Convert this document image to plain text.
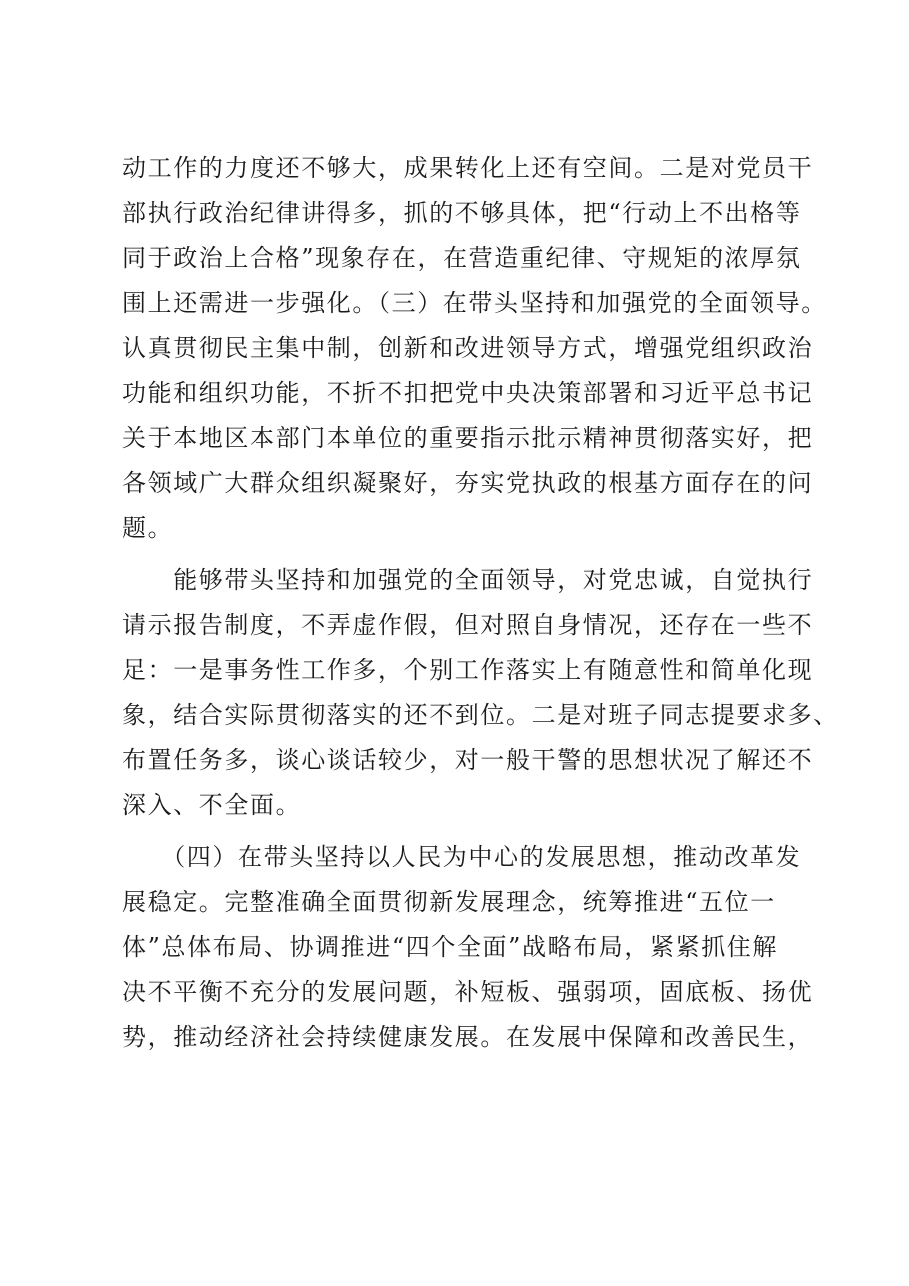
动工作的力度还不够大，成果转化上还有空间。二是对党员干
部执行政治纪律讲得多，抓的不够具体，把“行动上不出格等
同于政治上合格”现象存在，在营造重纪律、守规矩的浓厚氛
围上还需进一步强化。（三）在带头坚持和加强党的全面领导。
认真贯彻民主集中制，创新和改进领导方式，增强党组织政治
功能和组织功能，不折不扣把党中央决策部署和习近平总书记
关于本地区本部门本单位的重要指示批示精神贯彻落实好，把
各领域广大群众组织凝聚好，夯实党执政的根基方面存在的问
题。
　　能够带头坚持和加强党的全面领导，对党忠诚，自觉执行
请示报告制度，不弄虚作假，但对照自身情况，还存在一些不
足：一是事务性工作多，个别工作落实上有随意性和简单化现
象，结合实际贯彻落实的还不到位。二是对班子同志提要求多、
布置任务多，谈心谈话较少，对一般干警的思想状况了解还不
深入、不全面。
　　（四）在带头坚持以人民为中心的发展思想，推动改革发
展稳定。完整准确全面贯彻新发展理念，统筹推进“五位一
体”总体布局、协调推进“四个全面”战略布局，紧紧抓住解
决不平衡不充分的发展问题，补短板、强弱项，固底板、扬优
势，推动经济社会持续健康发展。在发展中保障和改善民生，
